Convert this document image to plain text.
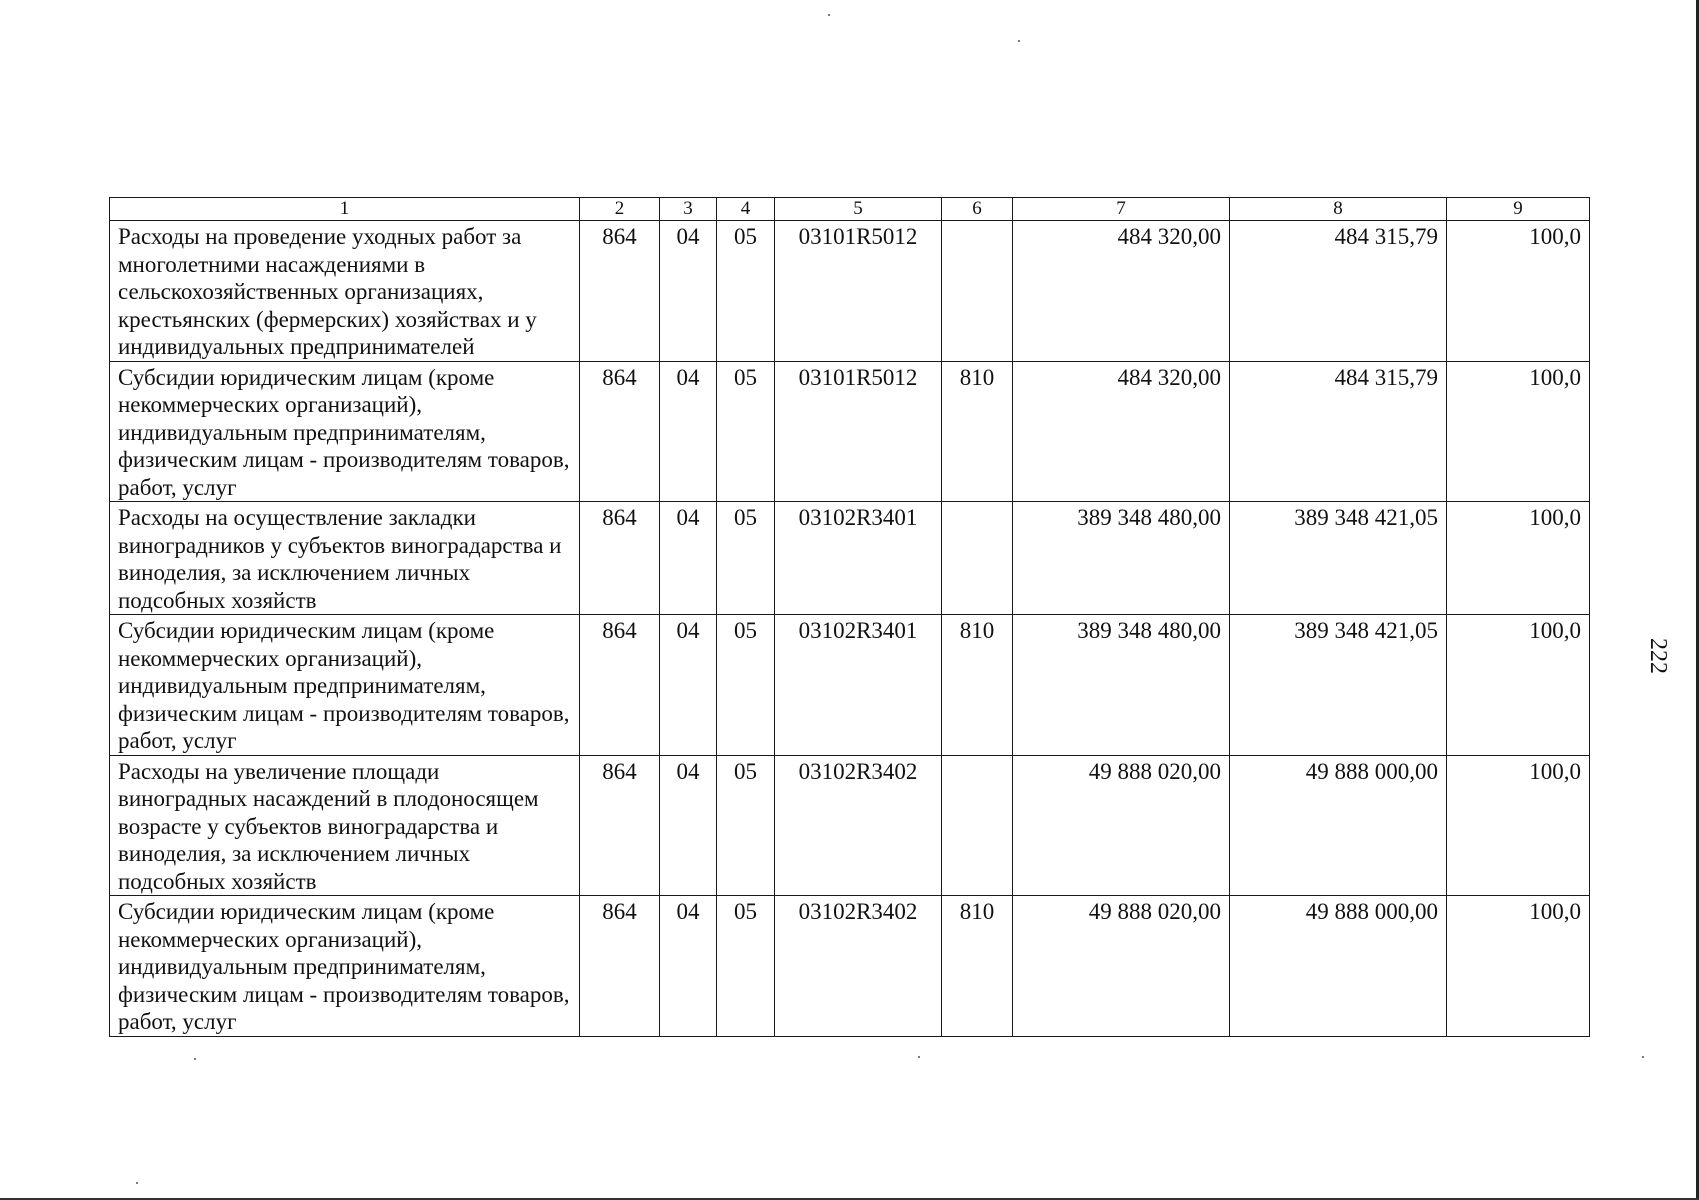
1	2	3	4	5	6	7	8	9
Расходы на проведение уходных работ за многолетними насаждениями в сельскохозяйственных организациях, крестьянских (фермерских) хозяйствах и у индивидуальных предпринимателей	864	04	05	03101R5012		484 320,00	484 315,79	100,0
Субсидии юридическим лицам (кроме некоммерческих организаций), индивидуальным предпринимателям, физическим лицам - производителям товаров, работ, услуг	864	04	05	03101R5012	810	484 320,00	484 315,79	100,0
Расходы на осуществление закладки виноградников у субъектов виноградарства и виноделия, за исключением личных подсобных хозяйств	864	04	05	03102R3401		389 348 480,00	389 348 421,05	100,0
Субсидии юридическим лицам (кроме некоммерческих организаций), индивидуальным предпринимателям, физическим лицам - производителям товаров, работ, услуг	864	04	05	03102R3401	810	389 348 480,00	389 348 421,05	100,0
Расходы на увеличение площади виноградных насаждений в плодоносящем возрасте у субъектов виноградарства и виноделия, за исключением личных подсобных хозяйств	864	04	05	03102R3402		49 888 020,00	49 888 000,00	100,0
Субсидии юридическим лицам (кроме некоммерческих организаций), индивидуальным предпринимателям, физическим лицам - производителям товаров, работ, услуг	864	04	05	03102R3402	810	49 888 020,00	49 888 000,00	100,0
222
